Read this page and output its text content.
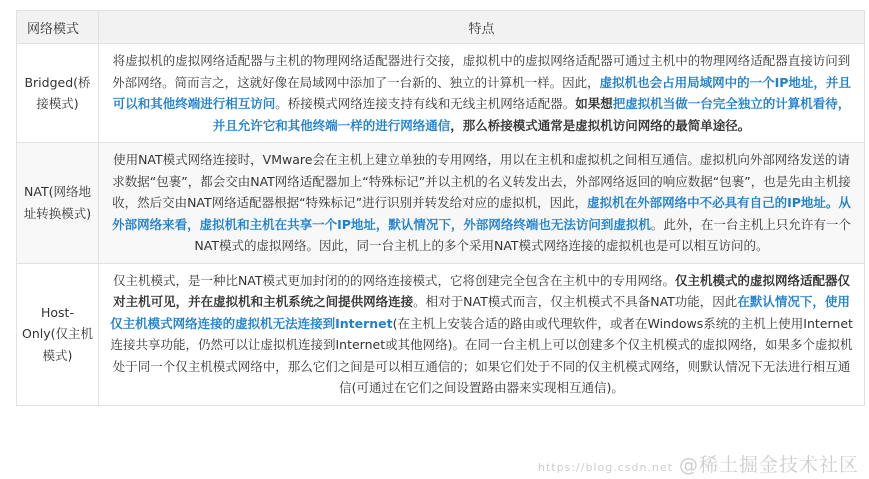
网络模式	特点
Bridged(桥接模式)	将虚拟机的虚拟网络适配器与主机的物理网络适配器进行交接，虚拟机中的虚拟网络适配器可通过主机中的物理网络适配器直接访问到外部网络。简而言之，这就好像在局域网中添加了一台新的、独立的计算机一样。因此，虚拟机也会占用局域网中的一个IP地址，并且可以和其他终端进行相互访问。桥接模式网络连接支持有线和无线主机网络适配器。如果想把虚拟机当做一台完全独立的计算机看待，并且允许它和其他终端一样的进行网络通信，那么桥接模式通常是虚拟机访问网络的最简单途径。
NAT(网络地址转换模式)	使用NAT模式网络连接时，VMware会在主机上建立单独的专用网络，用以在主机和虚拟机之间相互通信。虚拟机向外部网络发送的请求数据“包裹”，都会交由NAT网络适配器加上“特殊标记”并以主机的名义转发出去，外部网络返回的响应数据“包裹”，也是先由主机接收，然后交由NAT网络适配器根据“特殊标记”进行识别并转发给对应的虚拟机，因此，虚拟机在外部网络中不必具有自己的IP地址。从外部网络来看，虚拟机和主机在共享一个IP地址，默认情况下，外部网络终端也无法访问到虚拟机。此外，在一台主机上只允许有一个NAT模式的虚拟网络。因此，同一台主机上的多个采用NAT模式网络连接的虚拟机也是可以相互访问的。
Host-Only(仅主机模式)	仅主机模式，是一种比NAT模式更加封闭的的网络连接模式，它将创建完全包含在主机中的专用网络。仅主机模式的虚拟网络适配器仅对主机可见，并在虚拟机和主机系统之间提供网络连接。相对于NAT模式而言，仅主机模式不具备NAT功能，因此在默认情况下，使用仅主机模式网络连接的虚拟机无法连接到Internet(在主机上安装合适的路由或代理软件，或者在Windows系统的主机上使用Internet连接共享功能，仍然可以让虚拟机连接到Internet或其他网络)。在同一台主机上可以创建多个仅主机模式的虚拟网络，如果多个虚拟机处于同一个仅主机模式网络中，那么它们之间是可以相互通信的；如果它们处于不同的仅主机模式网络，则默认情况下无法进行相互通信(可通过在它们之间设置路由器来实现相互通信)。
https://blog.csdn.net @稀土掘金技术社区
